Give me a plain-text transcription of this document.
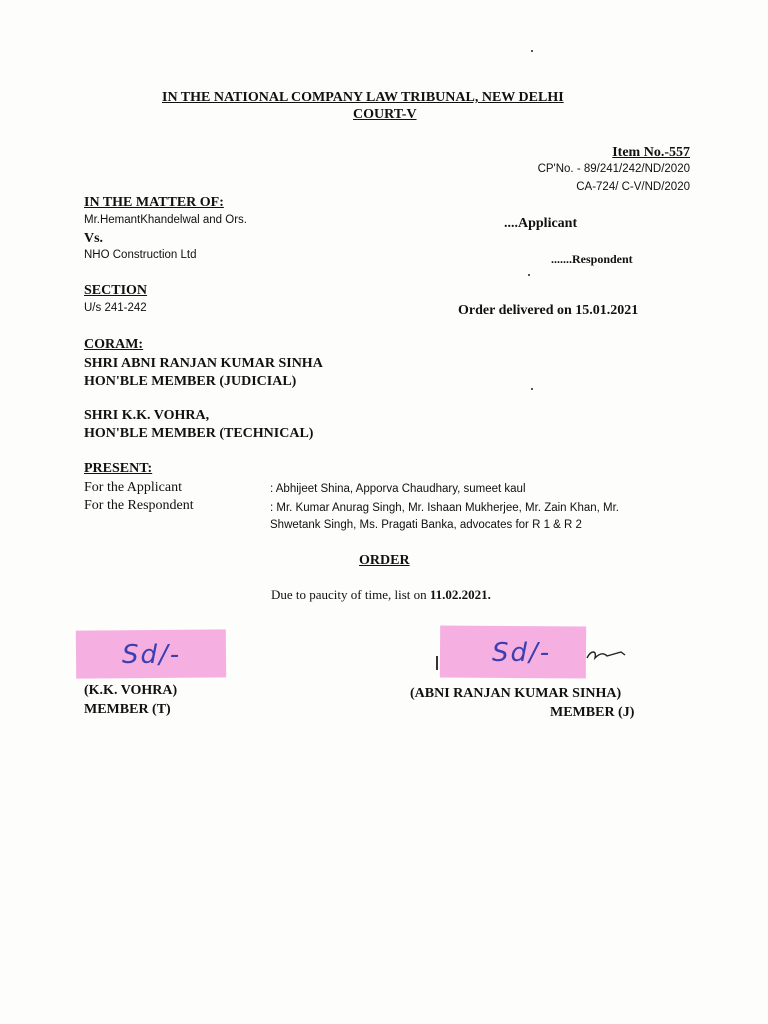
IN THE NATIONAL COMPANY LAW TRIBUNAL, NEW DELHI
COURT-V
Item No.-557
CP'No. - 89/241/242/ND/2020
CA-724/ C-V/ND/2020
IN THE MATTER OF:
Mr.HemantKhandelwal and Ors.
Vs.
NHO Construction Ltd
....Applicant
.......Respondent
SECTION
U/s 241-242	Order delivered on 15.01.2021
CORAM:
SHRI ABNI RANJAN KUMAR SINHA
HON'BLE MEMBER (JUDICIAL)
SHRI K.K. VOHRA,
HON'BLE MEMBER (TECHNICAL)
PRESENT:
For the Applicant
For the Respondent
: Abhijeet Shina, Apporva Chaudhary, sumeet kaul
: Mr. Kumar Anurag Singh, Mr. Ishaan Mukherjee, Mr. Zain Khan, Mr.
Shwetank Singh, Ms. Pragati Banka, advocates for R 1 & R 2
ORDER
Due to paucity of time, list on 11.02.2021.
Sd/-
(K.K. VOHRA)
MEMBER (T)
Sd/-
(ABNI RANJAN KUMAR SINHA)
MEMBER (J)
